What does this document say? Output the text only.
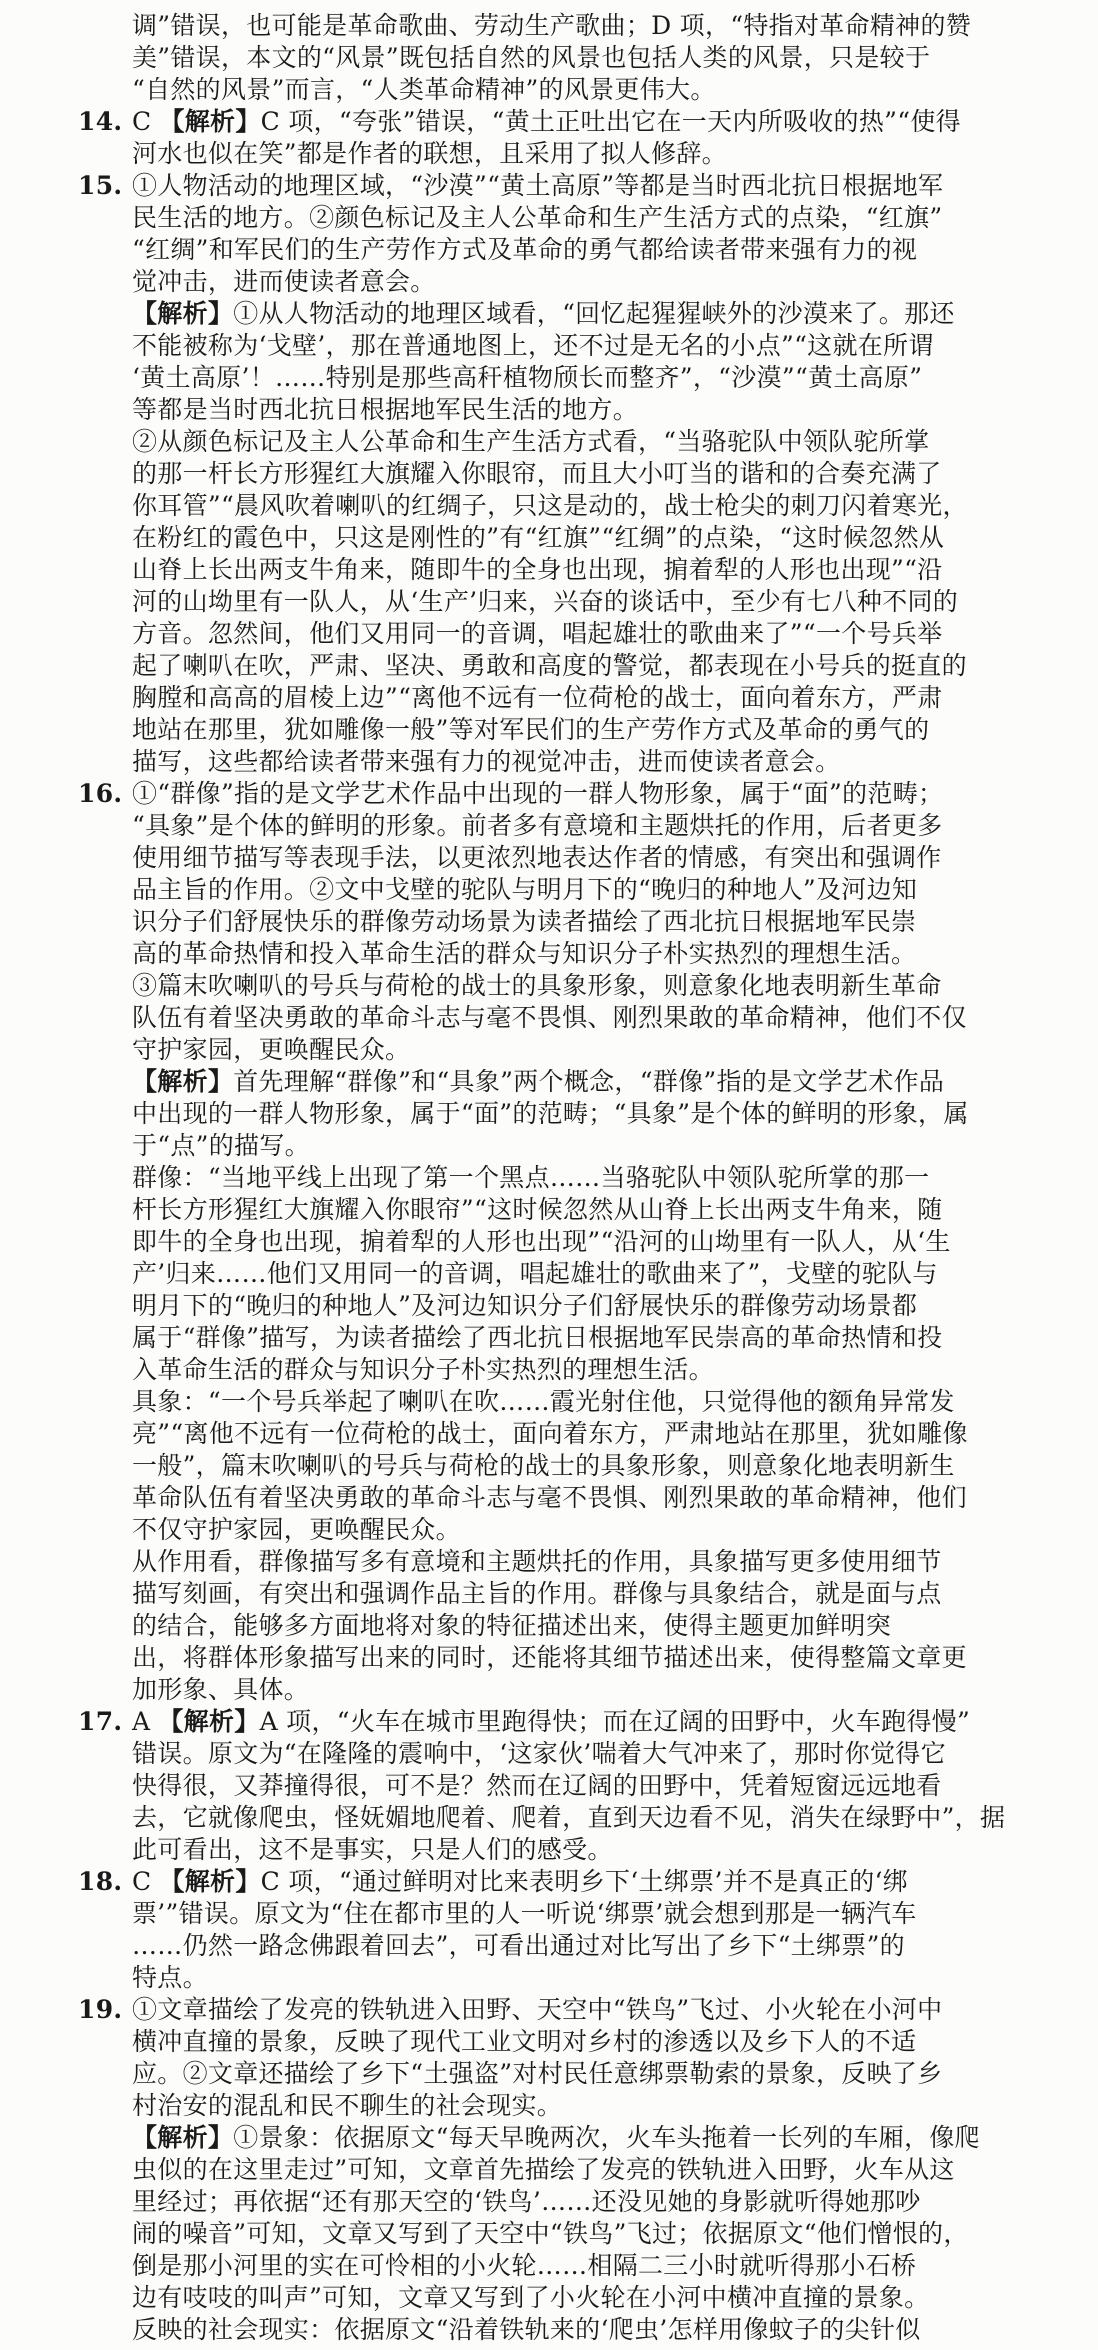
调”错误，也可能是革命歌曲、劳动生产歌曲；D 项，“特指对革命精神的赞
美”错误，本文的“风景”既包括自然的风景也包括人类的风景，只是较于
“自然的风景”而言，“人类革命精神”的风景更伟大。
14. C 【解析】C 项，“夸张”错误，“黄土正吐出它在一天内所吸收的热”“使得
河水也似在笑”都是作者的联想，且采用了拟人修辞。
15. ①人物活动的地理区域，“沙漠”“黄土高原”等都是当时西北抗日根据地军
民生活的地方。②颜色标记及主人公革命和生产生活方式的点染，“红旗”
“红绸”和军民们的生产劳作方式及革命的勇气都给读者带来强有力的视
觉冲击，进而使读者意会。
【解析】①从人物活动的地理区域看，“回忆起猩猩峡外的沙漠来了。那还
不能被称为‘戈壁’，那在普通地图上，还不过是无名的小点”“这就在所谓
‘黄土高原’！……特别是那些高秆植物颀长而整齐”，“沙漠”“黄土高原”
等都是当时西北抗日根据地军民生活的地方。
②从颜色标记及主人公革命和生产生活方式看，“当骆驼队中领队驼所掌
的那一杆长方形猩红大旗耀入你眼帘，而且大小叮当的谐和的合奏充满了
你耳管”“晨风吹着喇叭的红绸子，只这是动的，战士枪尖的刺刀闪着寒光，
在粉红的霞色中，只这是刚性的”有“红旗”“红绸”的点染，“这时候忽然从
山脊上长出两支牛角来，随即牛的全身也出现，掮着犁的人形也出现”“沿
河的山坳里有一队人，从‘生产’归来，兴奋的谈话中，至少有七八种不同的
方音。忽然间，他们又用同一的音调，唱起雄壮的歌曲来了”“一个号兵举
起了喇叭在吹，严肃、坚决、勇敢和高度的警觉，都表现在小号兵的挺直的
胸膛和高高的眉棱上边”“离他不远有一位荷枪的战士，面向着东方，严肃
地站在那里，犹如雕像一般”等对军民们的生产劳作方式及革命的勇气的
描写，这些都给读者带来强有力的视觉冲击，进而使读者意会。
16. ①“群像”指的是文学艺术作品中出现的一群人物形象，属于“面”的范畴；
“具象”是个体的鲜明的形象。前者多有意境和主题烘托的作用，后者更多
使用细节描写等表现手法，以更浓烈地表达作者的情感，有突出和强调作
品主旨的作用。②文中戈壁的驼队与明月下的“晚归的种地人”及河边知
识分子们舒展快乐的群像劳动场景为读者描绘了西北抗日根据地军民崇
高的革命热情和投入革命生活的群众与知识分子朴实热烈的理想生活。
③篇末吹喇叭的号兵与荷枪的战士的具象形象，则意象化地表明新生革命
队伍有着坚决勇敢的革命斗志与毫不畏惧、刚烈果敢的革命精神，他们不仅
守护家园，更唤醒民众。
【解析】首先理解“群像”和“具象”两个概念，“群像”指的是文学艺术作品
中出现的一群人物形象，属于“面”的范畴；“具象”是个体的鲜明的形象，属
于“点”的描写。
群像：“当地平线上出现了第一个黑点……当骆驼队中领队驼所掌的那一
杆长方形猩红大旗耀入你眼帘”“这时候忽然从山脊上长出两支牛角来，随
即牛的全身也出现，掮着犁的人形也出现”“沿河的山坳里有一队人，从‘生
产’归来……他们又用同一的音调，唱起雄壮的歌曲来了”，戈壁的驼队与
明月下的“晚归的种地人”及河边知识分子们舒展快乐的群像劳动场景都
属于“群像”描写，为读者描绘了西北抗日根据地军民崇高的革命热情和投
入革命生活的群众与知识分子朴实热烈的理想生活。
具象：“一个号兵举起了喇叭在吹……霞光射住他，只觉得他的额角异常发
亮”“离他不远有一位荷枪的战士，面向着东方，严肃地站在那里，犹如雕像
一般”，篇末吹喇叭的号兵与荷枪的战士的具象形象，则意象化地表明新生
革命队伍有着坚决勇敢的革命斗志与毫不畏惧、刚烈果敢的革命精神，他们
不仅守护家园，更唤醒民众。
从作用看，群像描写多有意境和主题烘托的作用，具象描写更多使用细节
描写刻画，有突出和强调作品主旨的作用。群像与具象结合，就是面与点
的结合，能够多方面地将对象的特征描述出来，使得主题更加鲜明突
出，将群体形象描写出来的同时，还能将其细节描述出来，使得整篇文章更
加形象、具体。
17. A 【解析】A 项，“火车在城市里跑得快；而在辽阔的田野中，火车跑得慢”
错误。原文为“在隆隆的震响中，‘这家伙’喘着大气冲来了，那时你觉得它
快得很，又莽撞得很，可不是？然而在辽阔的田野中，凭着短窗远远地看
去，它就像爬虫，怪妩媚地爬着、爬着，直到天边看不见，消失在绿野中”，据
此可看出，这不是事实，只是人们的感受。
18. C 【解析】C 项，“通过鲜明对比来表明乡下‘土绑票’并不是真正的‘绑
票’”错误。原文为“住在都市里的人一听说‘绑票’就会想到那是一辆汽车
……仍然一路念佛跟着回去”，可看出通过对比写出了乡下“土绑票”的
特点。
19. ①文章描绘了发亮的铁轨进入田野、天空中“铁鸟”飞过、小火轮在小河中
横冲直撞的景象，反映了现代工业文明对乡村的渗透以及乡下人的不适
应。②文章还描绘了乡下“土强盗”对村民任意绑票勒索的景象，反映了乡
村治安的混乱和民不聊生的社会现实。
【解析】①景象：依据原文“每天早晚两次，火车头拖着一长列的车厢，像爬
虫似的在这里走过”可知，文章首先描绘了发亮的铁轨进入田野，火车从这
里经过；再依据“还有那天空的‘铁鸟’……还没见她的身影就听得她那吵
闹的噪音”可知，文章又写到了天空中“铁鸟”飞过；依据原文“他们憎恨的，
倒是那小河里的实在可怜相的小火轮……相隔二三小时就听得那小石桥
边有吱吱的叫声”可知，文章又写到了小火轮在小河中横冲直撞的景象。
反映的社会现实：依据原文“沿着铁轨来的‘爬虫’怎样用像蚊子的尖针似
